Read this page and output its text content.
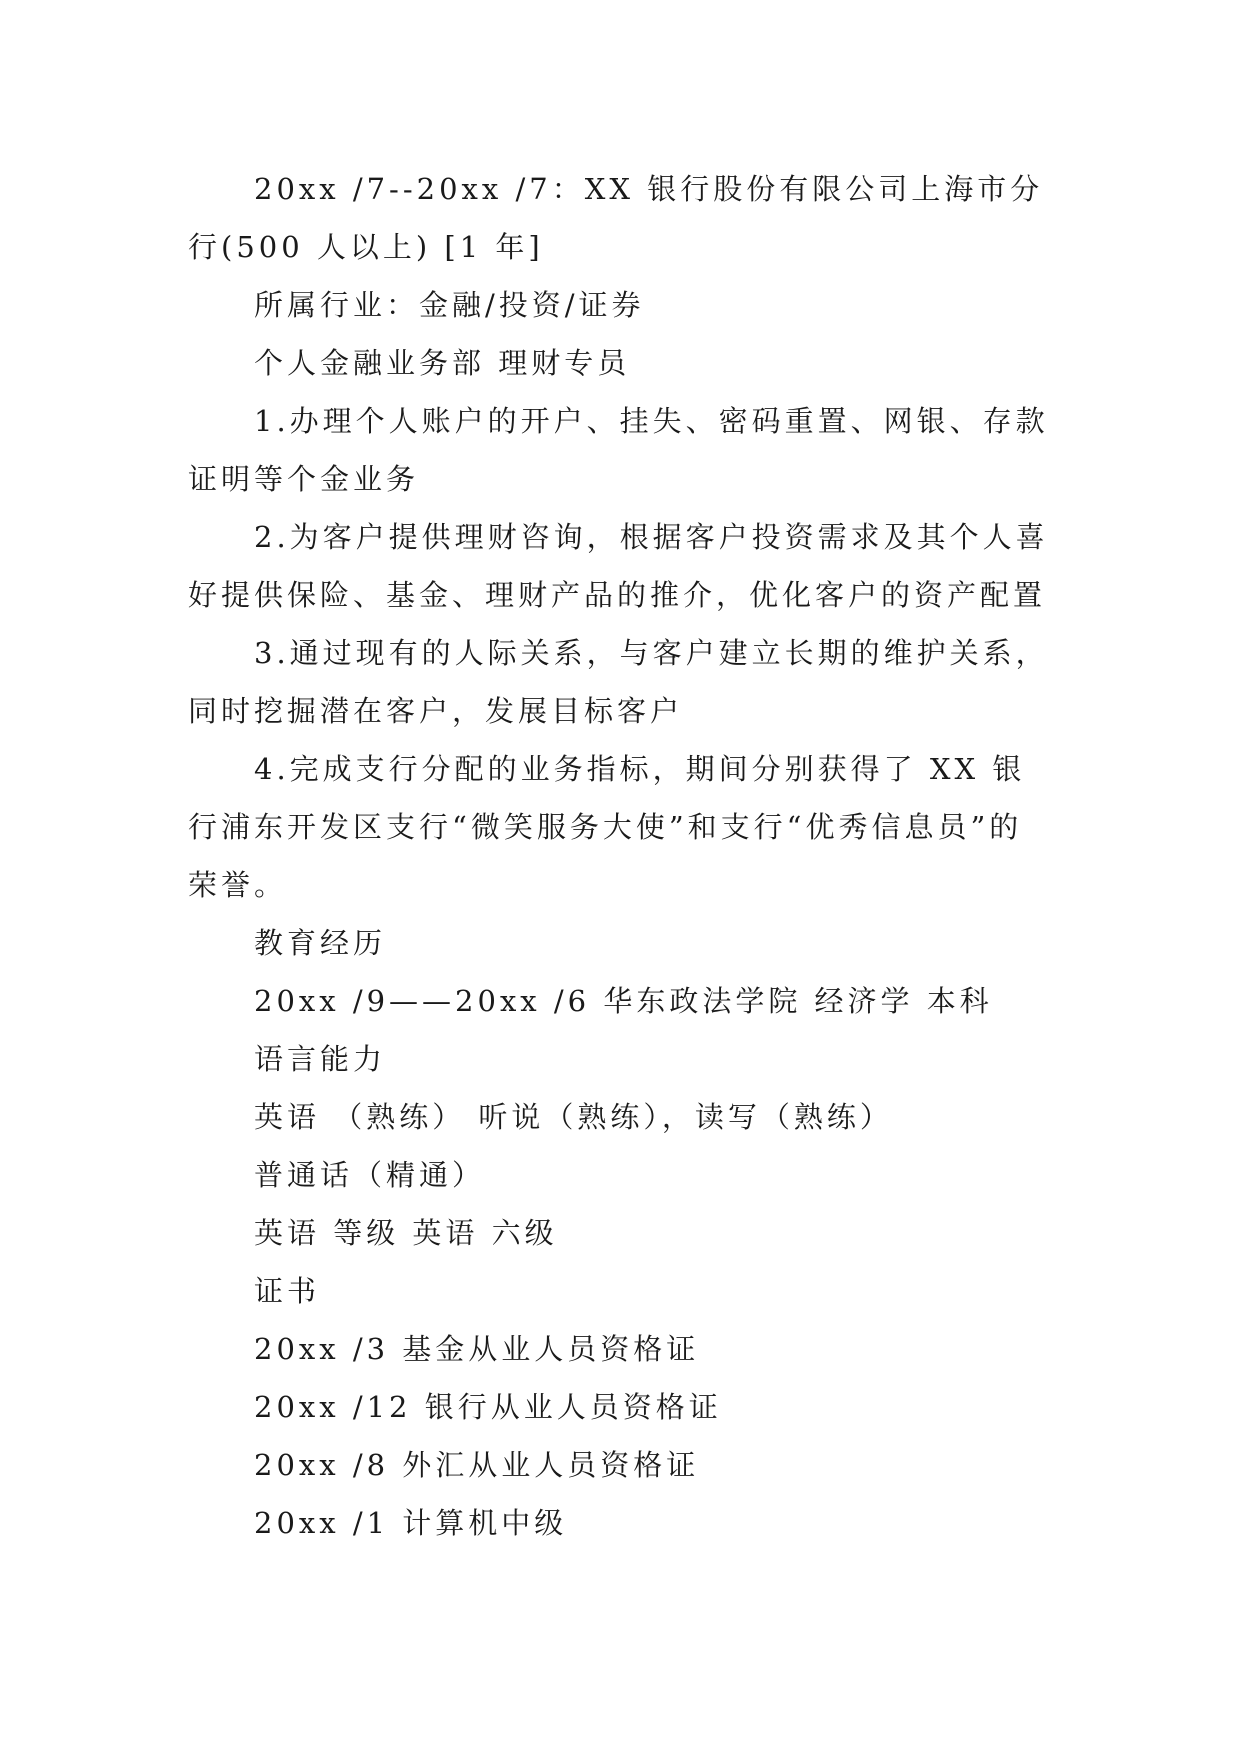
20xx /7--20xx /7：XX 银行股份有限公司上海市分行(500 人以上) [1 年]

所属行业：金融/投资/证券

个人金融业务部 理财专员

1.办理个人账户的开户、挂失、密码重置、网银、存款证明等个金业务

2.为客户提供理财咨询，根据客户投资需求及其个人喜好提供保险、基金、理财产品的推介，优化客户的资产配置

3.通过现有的人际关系，与客户建立长期的维护关系，同时挖掘潜在客户，发展目标客户

4.完成支行分配的业务指标，期间分别获得了 XX 银行浦东开发区支行“微笑服务大使”和支行“优秀信息员”的荣誉。

教育经历

20xx /9——20xx /6 华东政法学院 经济学 本科

语言能力

英语 （熟练） 听说（熟练），读写（熟练）

普通话（精通）

英语 等级 英语 六级

证书

20xx /3 基金从业人员资格证

20xx /12 银行从业人员资格证

20xx /8 外汇从业人员资格证

20xx /1 计算机中级
